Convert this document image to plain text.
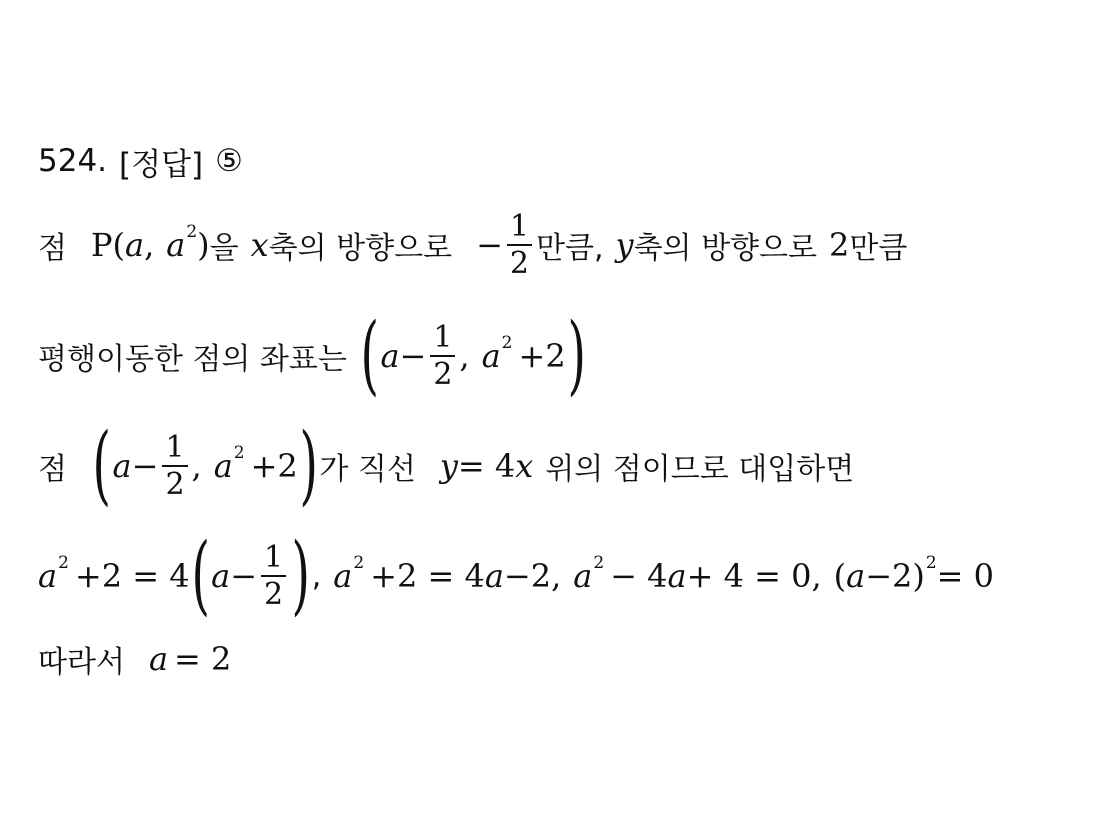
524. [정답] ⑤
점 P ( a , a 2 ) 을 x 축의 방향으로 − $\frac{1}{2}$ 만큼, y 축의 방향으로 2 만큼
평행이동한 점의 좌표는 ( $a - \frac{1}{2}$ , a 2 +2 )
점 ( $a - \frac{1}{2}$ , a 2 +2 ) 가 직선 y = 4 x 위의 점이므로 대입하면
a 2 +2 = 4 ( $a - \frac{1}{2}$ ) , a 2 +2 = 4 a −2, a 2 − 4 a + 4 = 0, ( a −2) 2 = 0
따라서 a = 2
